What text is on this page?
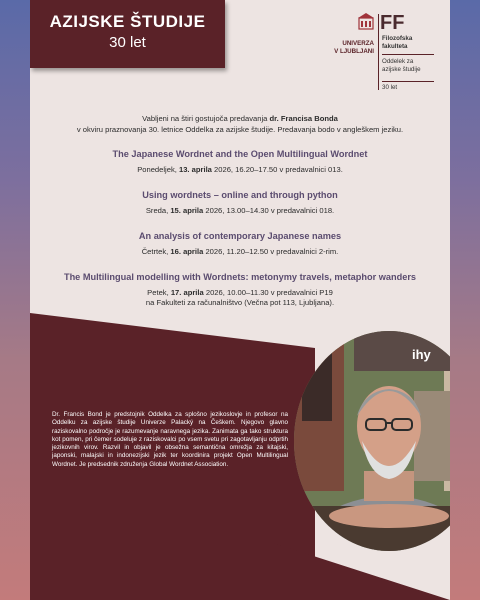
AZIJSKE ŠTUDIJE
30 let	UNIVERZA
V LJUBLJANI
FF
Filozofska
fakulteta
Oddelek za
azijske študije
30 let
Vabljeni na štiri gostujoča predavanja dr. Francisa Bonda
v okviru praznovanja 30. letnice Oddelka za azijske študije. Predavanja bodo v angleškem jeziku.
The Japanese Wordnet and the Open Multilingual Wordnet
Ponedeljek, 13. aprila 2026, 16.20–17.50 v predavalnici 013.
Using wordnets – online and through python
Sreda, 15. aprila 2026, 13.00–14.30 v predavalnici 018.
An analysis of contemporary Japanese names
Četrtek, 16. aprila 2026, 11.20–12.50 v predavalnici 2-rim.
The Multilingual modelling with Wordnets: metonymy travels, metaphor wanders
Petek, 17. aprila 2026, 10.00–11.30 v predavalnici P19
na Fakulteti za računalništvo (Večna pot 113, Ljubljana).
Dr. Francis Bond je predstojnik Oddelka za splošno jezikoslovje in profesor na Oddelku za azijske študije Univerze Palacký na Češkem. Njegovo glavno raziskovalno področje je razumevanje naravnega jezika. Zanimata ga tako struktura kot pomen, pri čemer sodeluje z raziskovalci po vsem svetu pri zagotavljanju odprtih jezikovnih virov. Razvil in objavil je obsežna semantična omrežja za kitajski, japonski, malajski in indonezijski jezik ter koordinira projekt Open Multilingual Wordnet. Je predsednik združenja Global Wordnet Association.
ihy
